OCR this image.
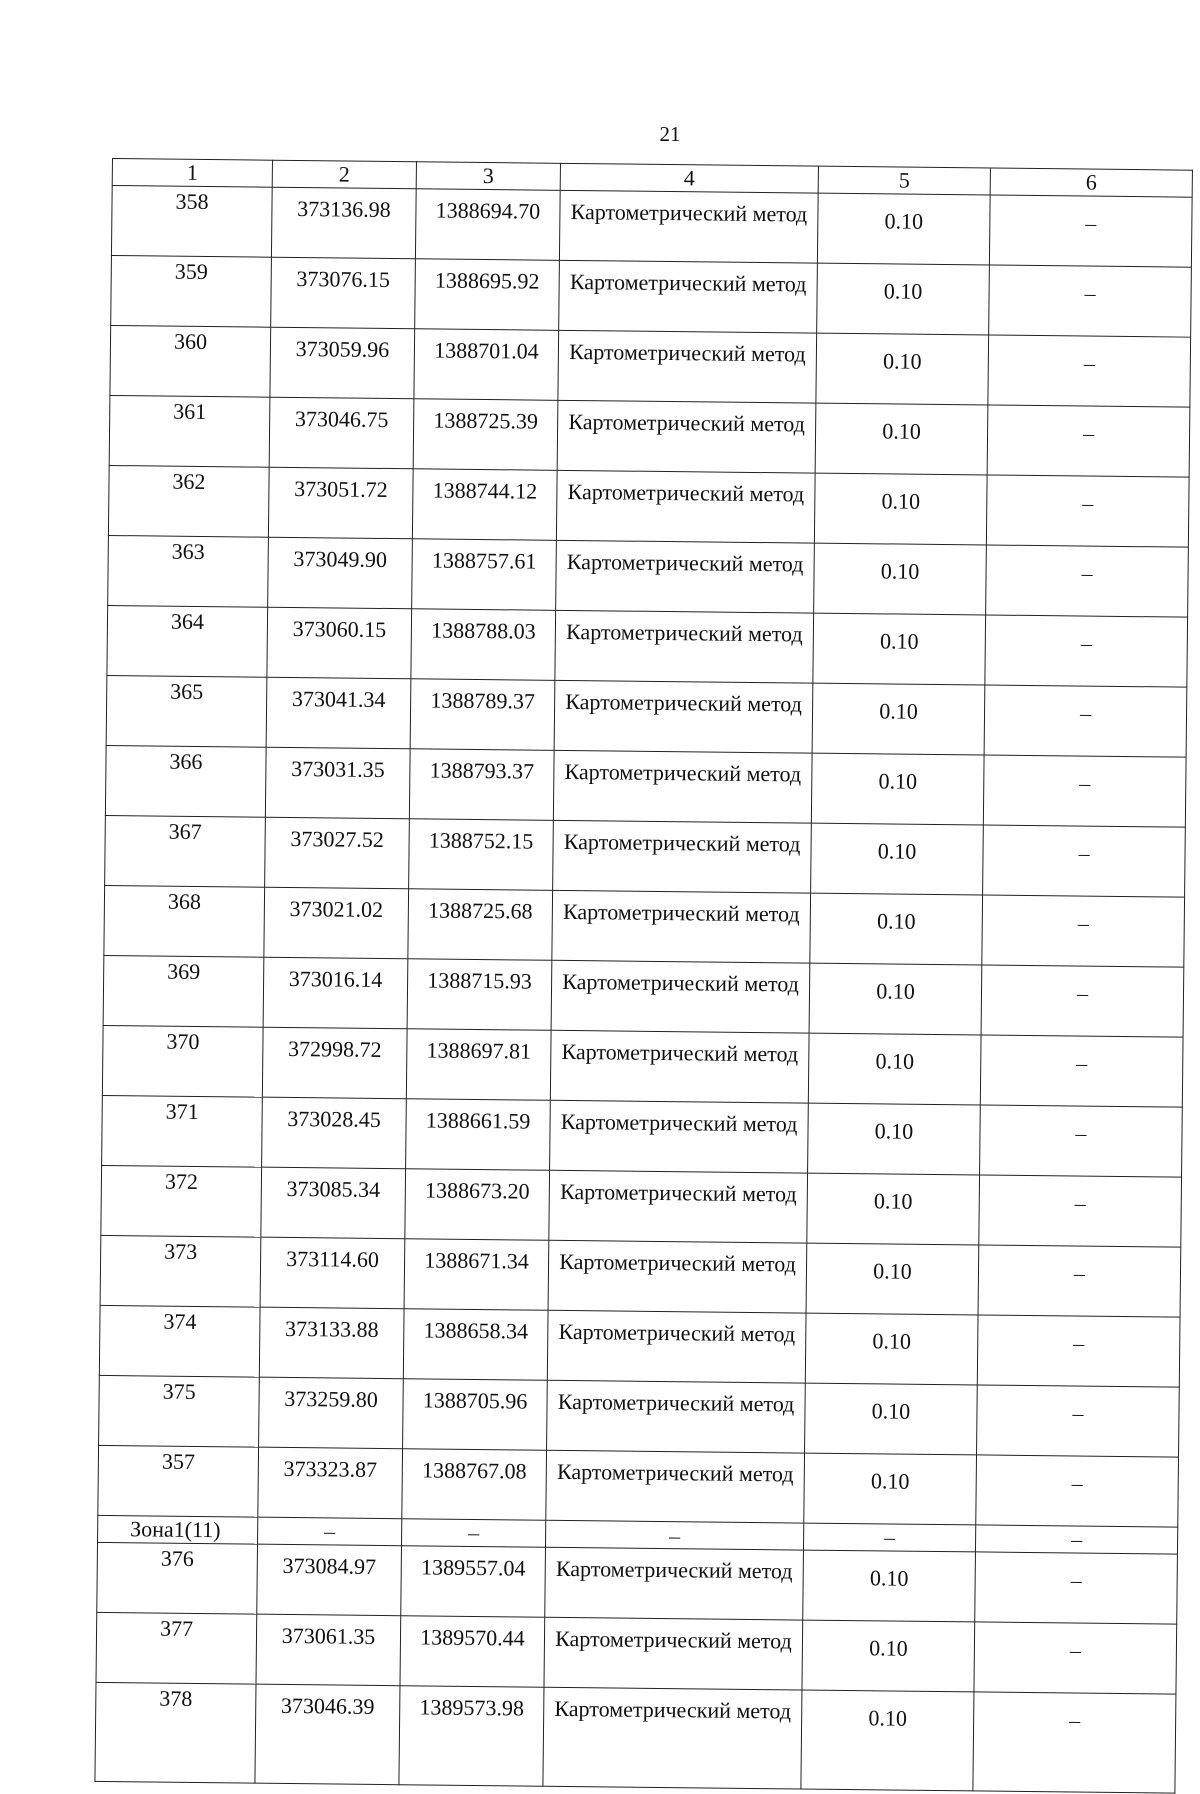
21
1	2	3	4	5	6
358	373136.98	1388694.70	Картометрический метод	0.10	–
359	373076.15	1388695.92	Картометрический метод	0.10	–
360	373059.96	1388701.04	Картометрический метод	0.10	–
361	373046.75	1388725.39	Картометрический метод	0.10	–
362	373051.72	1388744.12	Картометрический метод	0.10	–
363	373049.90	1388757.61	Картометрический метод	0.10	–
364	373060.15	1388788.03	Картометрический метод	0.10	–
365	373041.34	1388789.37	Картометрический метод	0.10	–
366	373031.35	1388793.37	Картометрический метод	0.10	–
367	373027.52	1388752.15	Картометрический метод	0.10	–
368	373021.02	1388725.68	Картометрический метод	0.10	–
369	373016.14	1388715.93	Картометрический метод	0.10	–
370	372998.72	1388697.81	Картометрический метод	0.10	–
371	373028.45	1388661.59	Картометрический метод	0.10	–
372	373085.34	1388673.20	Картометрический метод	0.10	–
373	373114.60	1388671.34	Картометрический метод	0.10	–
374	373133.88	1388658.34	Картометрический метод	0.10	–
375	373259.80	1388705.96	Картометрический метод	0.10	–
357	373323.87	1388767.08	Картометрический метод	0.10	–
Зона1(11)	–	–	–	–	–
376	373084.97	1389557.04	Картометрический метод	0.10	–
377	373061.35	1389570.44	Картометрический метод	0.10	–
378	373046.39	1389573.98	Картометрический метод	0.10	–
